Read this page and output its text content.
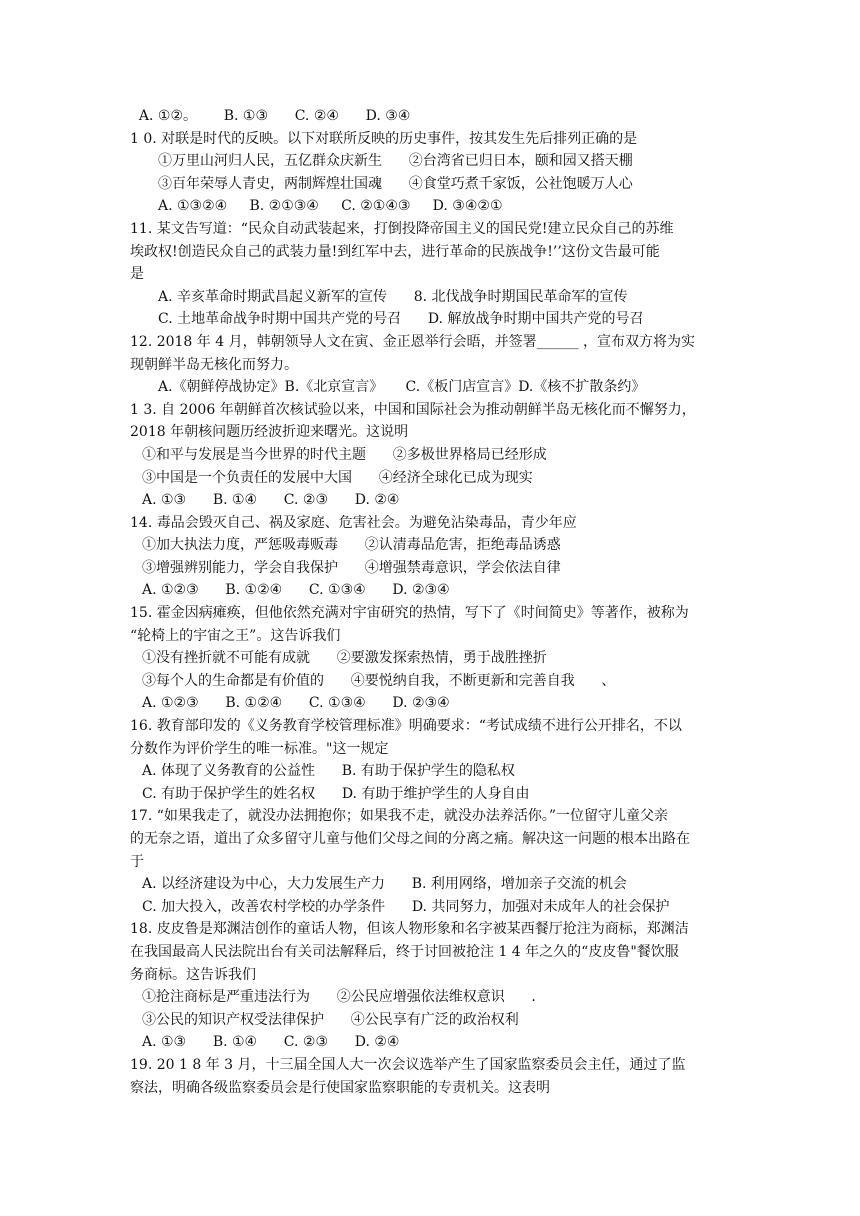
A. ①②。      B. ①③      C. ②④      D. ③④
1 0. 对联是时代的反映。以下对联所反映的历史事件，按其发生先后排列正确的是
①万里山河归人民，五亿群众庆新生      ②台湾省已归日本，颐和园又搭天棚
③百年荣辱人青史，两制辉煌壮国魂      ④食堂巧煮千家饭，公社饱暖万人心
A. ①③②④     B. ②①③④     C. ②①④③     D. ③④②①
11. 某文告写道：“民众自动武装起来，打倒投降帝国主义的国民党!建立民众自己的苏维
埃政权!创造民众自己的武装力量!到红军中去，进行革命的民族战争!’’这份文告最可能
是
A. 辛亥革命时期武昌起义新军的宣传      8. 北伐战争时期国民革命军的宣传
C. 土地革命战争时期中国共产党的号召      D. 解放战争时期中国共产党的号召
12. 2018 年 4 月，韩朝领导人文在寅、金正恩举行会晤，并签署______ ，宣布双方将为实
现朝鲜半岛无核化而努力。
A.《朝鲜停战协定》B.《北京宣言》     C.《板门店宣言》D.《核不扩散条约》
1 3. 自 2006 年朝鲜首次核试验以来，中国和国际社会为推动朝鲜半岛无核化而不懈努力，
2018 年朝核问题历经波折迎来曙光。这说明
①和平与发展是当今世界的时代主题      ②多极世界格局已经形成
③中国是一个负责任的发展中大国      ④经济全球化已成为现实
A. ①③      B. ①④      C. ②③      D. ②④
14. 毒品会毁灭自己、祸及家庭、危害社会。为避免沾染毒品，青少年应
①加大执法力度，严惩吸毒贩毒      ②认清毒品危害，拒绝毒品诱惑
③增强辨别能力，学会自我保护      ④增强禁毒意识，学会依法自律
A. ①②③      B. ①②④      C. ①③④      D. ②③④
15. 霍金因病瘫痪，但他依然充满对宇宙研究的热情，写下了《时间简史》等著作，被称为
“轮椅上的宇宙之王”。这告诉我们
①没有挫折就不可能有成就      ②要激发探索热情，勇于战胜挫折
③每个人的生命都是有价值的      ④要悦纳自我，不断更新和完善自我      、
A. ①②③      B. ①②④      C. ①③④      D. ②③④
16. 教育部印发的《义务教育学校管理标准》明确要求：“考试成绩不进行公开排名，不以
分数作为评价学生的唯一标准。"这一规定
A. 体现了义务教育的公益性      B. 有助于保护学生的隐私权
C. 有助于保护学生的姓名权      D. 有助于维护学生的人身自由
17. “如果我走了，就没办法拥抱你；如果我不走，就没办法养活你。”一位留守儿童父亲
的无奈之语，道出了众多留守儿童与他们父母之间的分离之痛。解决这一问题的根本出路在
于
A. 以经济建设为中心，大力发展生产力      B. 利用网络，增加亲子交流的机会
C. 加大投入，改善农村学校的办学条件      D. 共同努力，加强对未成年人的社会保护
18. 皮皮鲁是郑渊洁创作的童话人物，但该人物形象和名字被某西餐厅抢注为商标，郑渊洁
在我国最高人民法院出台有关司法解释后，终于讨回被抢注 1 4 年之久的“皮皮鲁"餐饮服
务商标。这告诉我们
①抢注商标是严重违法行为      ②公民应增强依法维权意识      .
③公民的知识产权受法律保护      ④公民享有广泛的政治权利
A. ①③      B. ①④      C. ②③      D. ②④
19. 20 1 8 年 3 月，十三届全国人大一次会议选举产生了国家监察委员会主任，通过了监
察法，明确各级监察委员会是行使国家监察职能的专责机关。这表明
